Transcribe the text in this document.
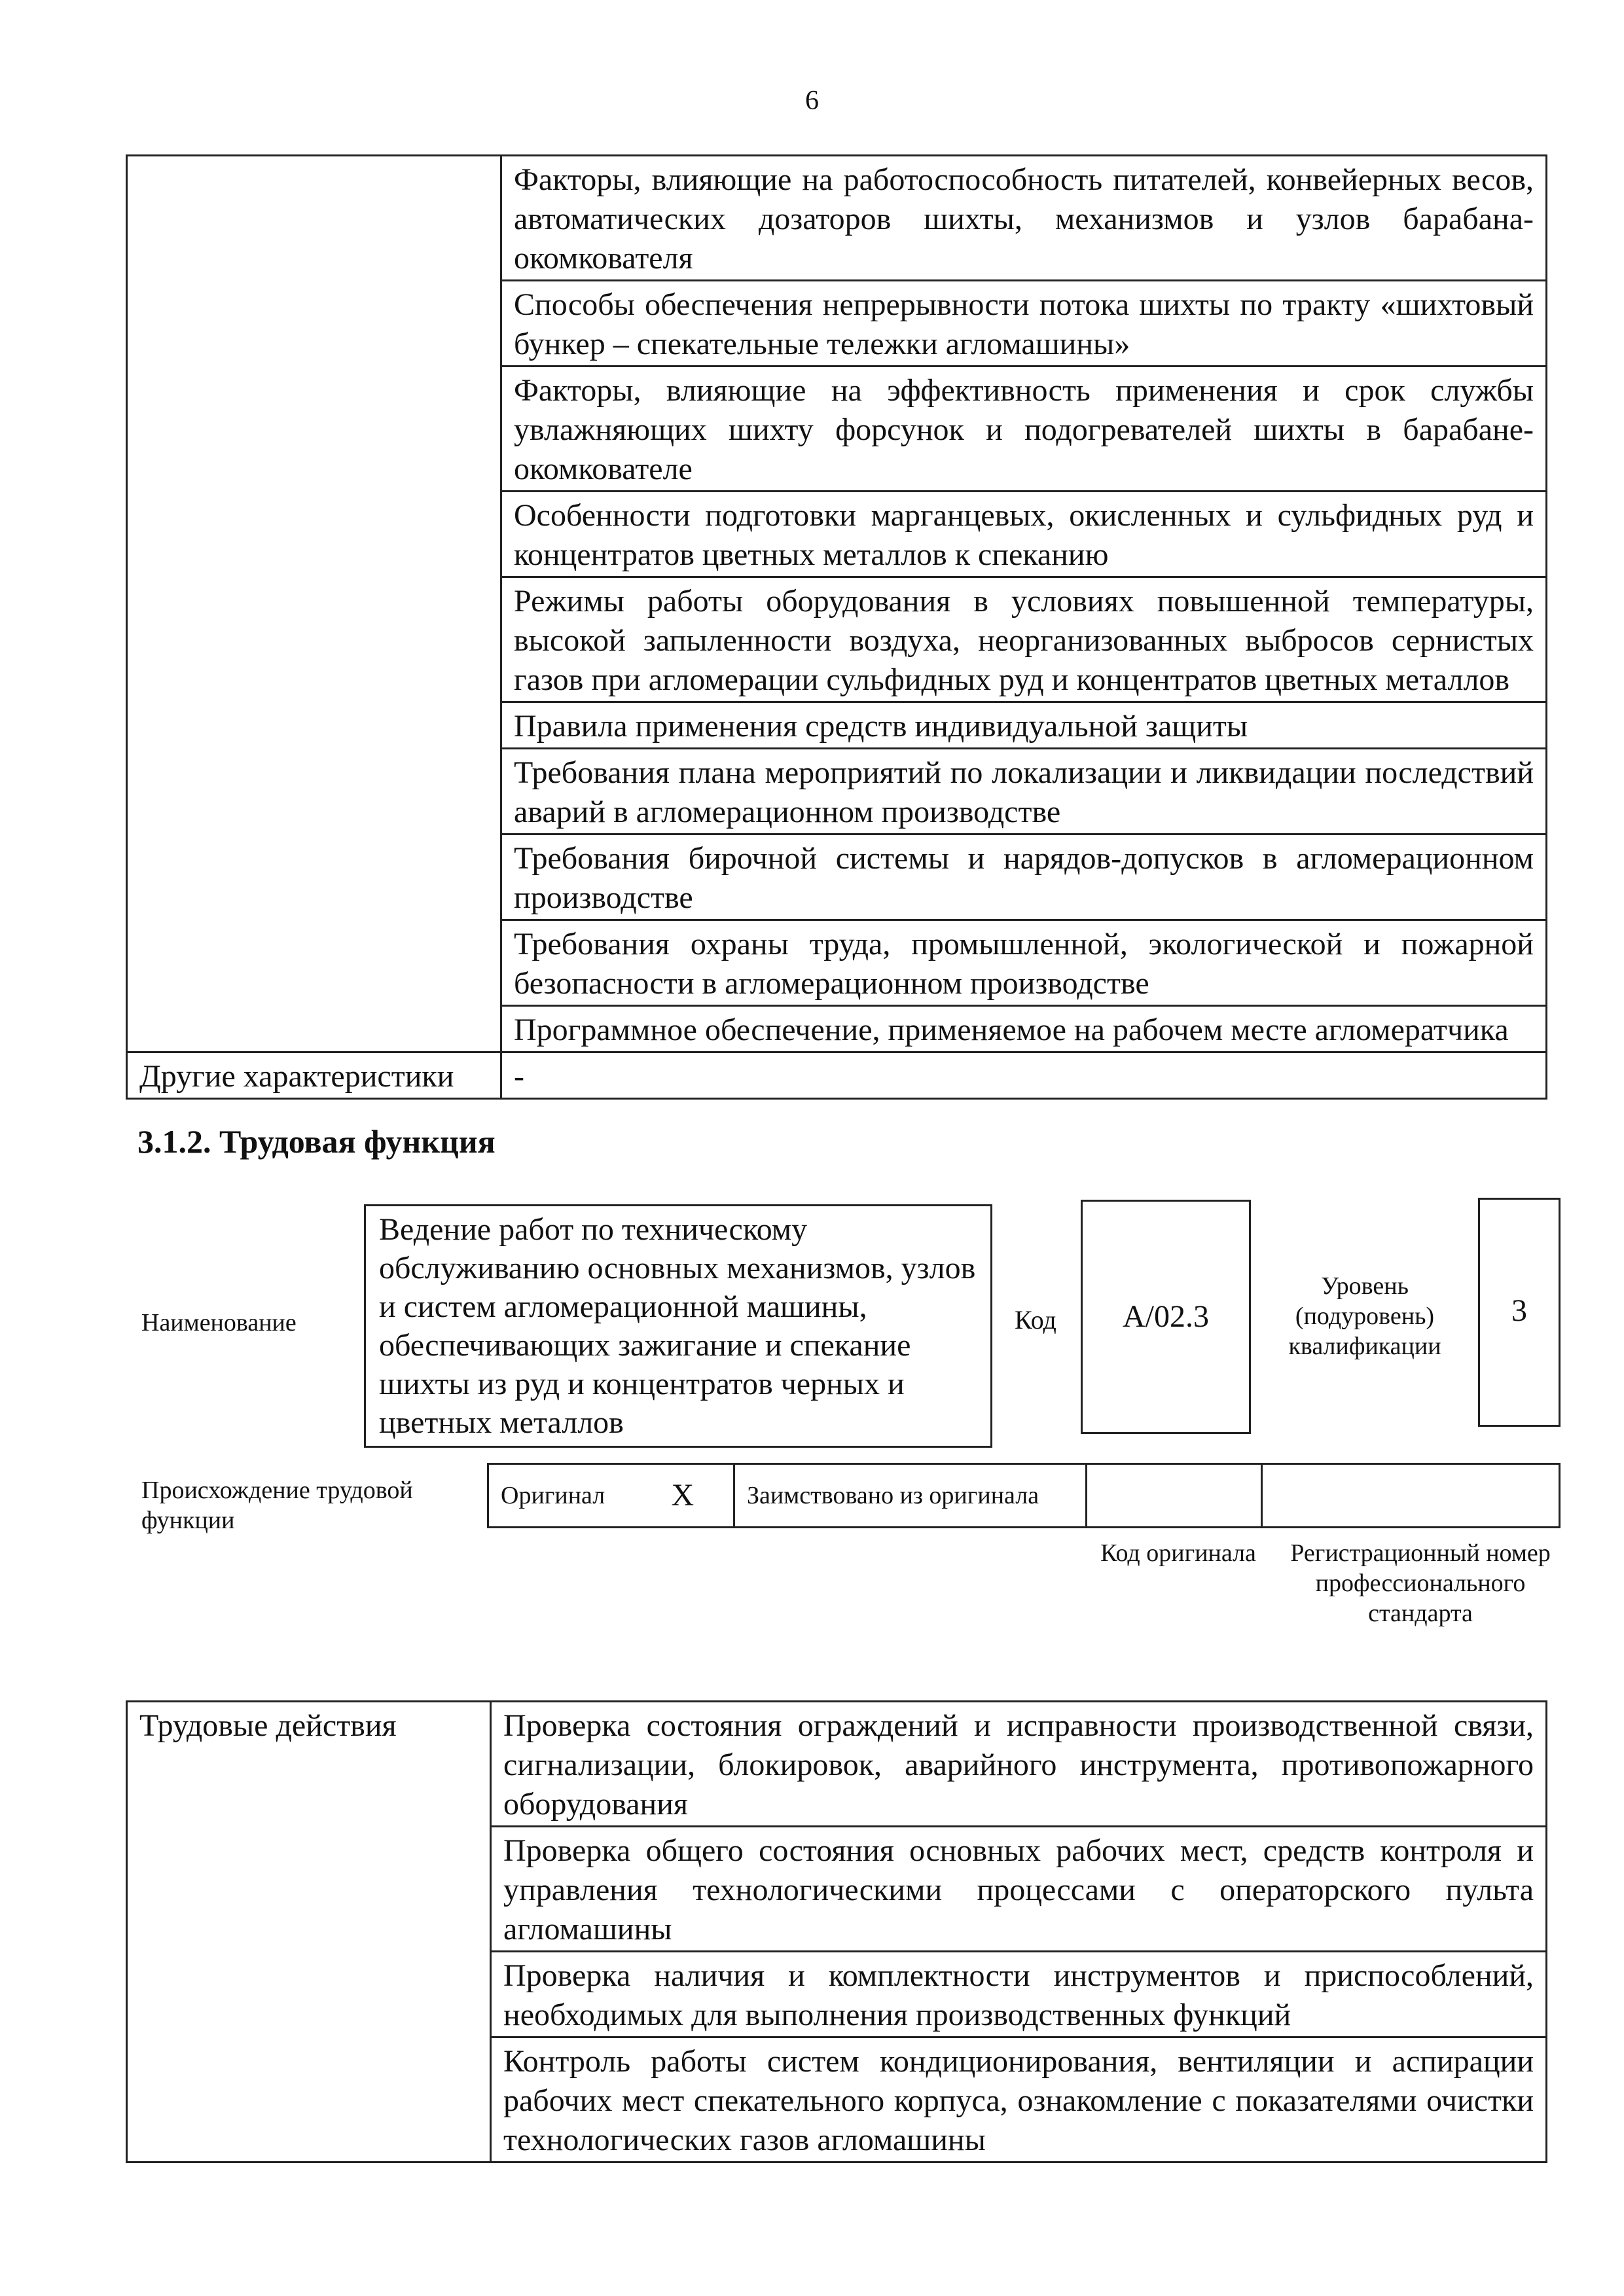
6
	Факторы, влияющие на работоспособность питателей, конвейерных весов, автоматических дозаторов шихты, механизмов и узлов барабана-окомкователя
	Способы обеспечения непрерывности потока шихты по тракту «шихтовый бункер – спекательные тележки агломашины»
	Факторы, влияющие на эффективность применения и срок службы увлажняющих шихту форсунок и подогревателей шихты в барабане-окомкователе
	Особенности подготовки марганцевых, окисленных и сульфидных руд и концентратов цветных металлов к спеканию
	Режимы работы оборудования в условиях повышенной температуры, высокой запыленности воздуха, неорганизованных выбросов сернистых газов при агломерации сульфидных руд и концентратов цветных металлов
	Правила применения средств индивидуальной защиты
	Требования плана мероприятий по локализации и ликвидации последствий аварий в агломерационном производстве
	Требования бирочной системы и нарядов-допусков в агломерационном производстве
	Требования охраны труда, промышленной, экологической и пожарной безопасности в агломерационном производстве
	Программное обеспечение, применяемое на рабочем месте агломератчика
Другие характеристики	-
3.1.2. Трудовая функция
Наименование
Ведение работ по техническому обслуживанию основных механизмов, узлов и систем агломерационной машины, обеспечивающих зажигание и спекание шихты из руд и концентратов черных и цветных металлов
Код	А/02.3
Уровень (подуровень) квалификации
3
Происхождение трудовой функции
Оригинал	X	Заимствовано из оригинала		
Код оригинала Регистрационный номер профессионального стандарта
Трудовые действия	Проверка состояния ограждений и исправности производственной связи, сигнализации, блокировок, аварийного инструмента, противопожарного оборудования
Проверка общего состояния основных рабочих мест, средств контроля и управления технологическими процессами с операторского пульта агломашины
Проверка наличия и комплектности инструментов и приспособлений, необходимых для выполнения производственных функций
Контроль работы систем кондиционирования, вентиляции и аспирации рабочих мест спекательного корпуса, ознакомление с показателями очистки технологических газов агломашины
